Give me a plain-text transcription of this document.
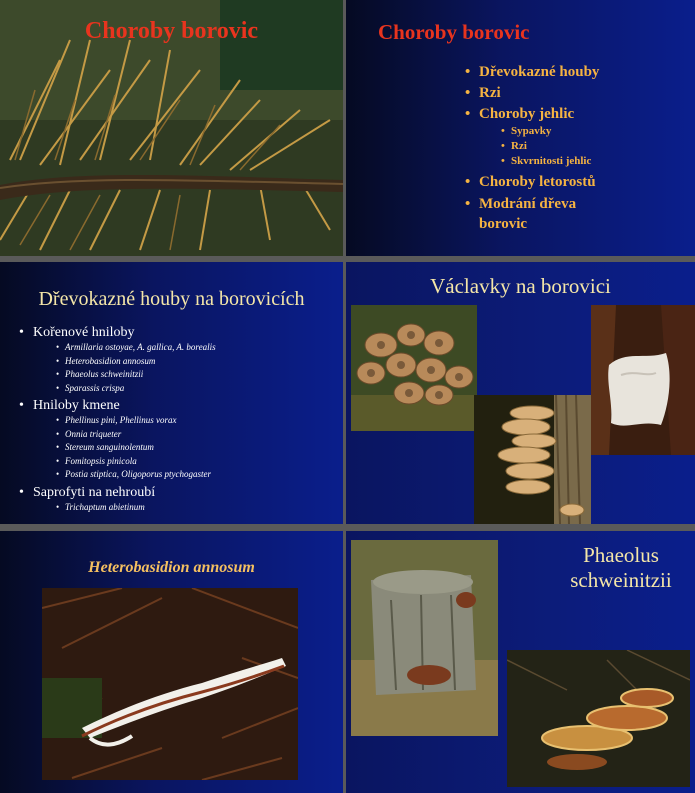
Choroby borovic	Choroby borovic
• Dřevokazné houby
• Rzi
• Choroby jehlic
• Sypavky
• Rzi
• Skvrnitosti jehlic
• Choroby letorostů
• Modrání dřeva
borovic
Dřevokazné houby na borovicích
• Kořenové hniloby
• Armillaria ostoyae, A. gallica, A. borealis
• Heterobasidion annosum
• Phaeolus schweinitzii
• Sparassis crispa
• Hniloby kmene
• Phellinus pini, Phellinus vorax
• Onnia triqueter
• Stereum sanguinolentum
• Fomitopsis pinicola
• Postia stiptica, Oligoporus ptychogaster
• Saprofyti na nehroubí
• Trichaptum abietinum
Václavky na borovici
Heterobasidion annosum
Phaeolus
schweinitzii
